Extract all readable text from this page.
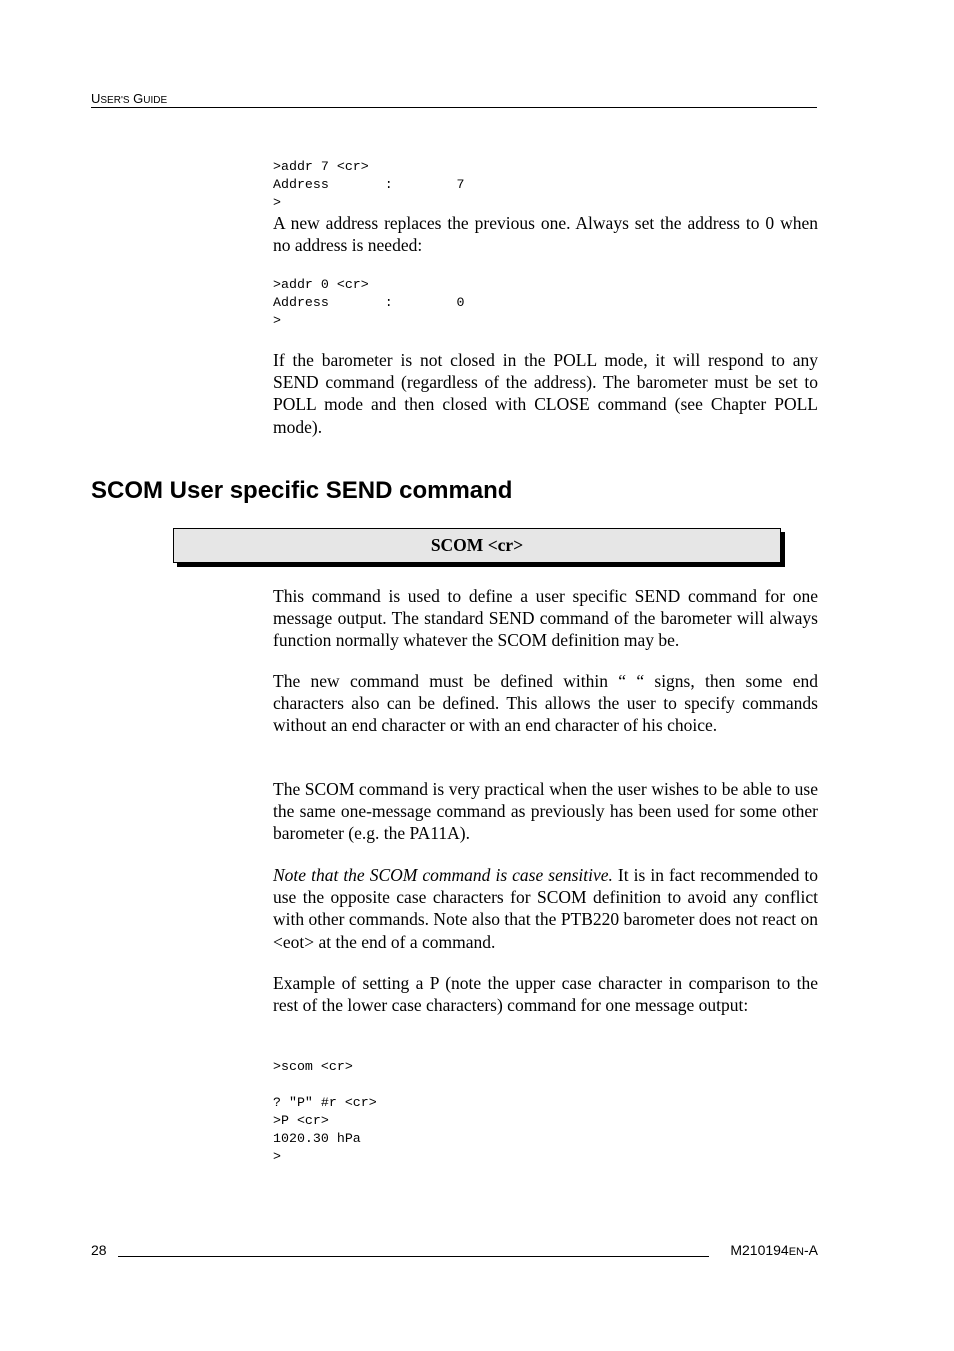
USER'S GUIDE
>addr 7 <cr>
Address       :        7
>

A new address replaces the previous one. Always set the address to 0 when no address is needed:

>addr 0 <cr>
Address       :        0
>

If the barometer is not closed in the POLL mode, it will respond to any SEND command (regardless of the address). The barometer must be set to POLL mode and then closed with CLOSE command (see Chapter POLL mode).

SCOM User specific SEND command
SCOM <cr>

This command is used to define a user specific SEND command for one message output. The standard SEND command of the barometer will always function normally whatever the SCOM definition may be.

The new command must be defined within “ “ signs, then some end characters also can be defined. This allows the user to specify commands without an end character or with an end character of his choice.

The SCOM command is very practical when the user wishes to be able to use the same one-message command as previously has been used for some other barometer (e.g. the PA11A).

Note that the SCOM command is case sensitive. It is in fact recommended to use the opposite case characters for SCOM definition to avoid any conflict with other commands. Note also that the PTB220 barometer does not react on <eot> at the end of a command.

Example of setting a P (note the upper case character in comparison to the rest of the lower case characters) command for one message output:

>scom <cr>

? "P" #r <cr>
>P <cr>
1020.30 hPa
>
28	M210194EN-A
